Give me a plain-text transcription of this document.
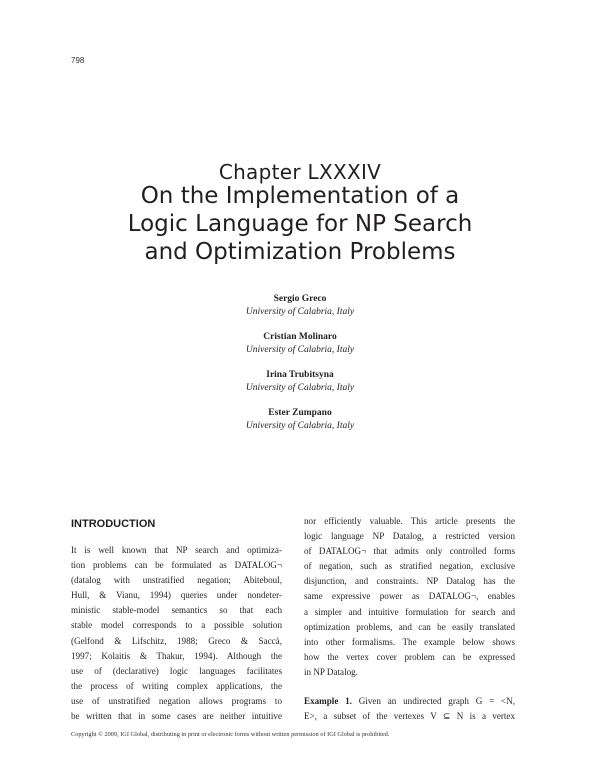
798
Chapter LXXXIV
On the Implementation of a
Logic Language for NP Search
and Optimization Problems
Sergio Greco
University of Calabria, Italy
Cristian Molinaro
University of Calabria, Italy
Irina Trubitsyna
University of Calabria, Italy
Ester Zumpano
University of Calabria, Italy
INTRODUCTION
It is well known that NP search and optimiza-
tion problems can be formulated as DATALOG¬
(datalog with unstratified negation; Abiteboul,
Hull, & Vianu, 1994) queries under nondeter-
ministic stable-model semantics so that each
stable model corresponds to a possible solution
(Gelfond & Lifschitz, 1988; Greco & Saccà,
1997; Kolaitis & Thakur, 1994). Although the
use of (declarative) logic languages facilitates
the process of writing complex applications, the
use of unstratified negation allows programs to
be written that in some cases are neither intuitive
nor efficiently valuable. This article presents the
logic language NP Datalog, a restricted version
of DATALOG¬ that admits only controlled forms
of negation, such as stratified negation, exclusive
disjunction, and constraints. NP Datalog has the
same expressive power as DATALOG¬, enables
a simpler and intuitive formulation for search and
optimization problems, and can be easily translated
into other formalisms. The example below shows
how the vertex cover problem can be expressed
in NP Datalog.
Example 1. Given an undirected graph G = <N,
E>, a subset of the vertexes V ⊆ N is a vertex
Copyright © 2009, IGI Global, distributing in print or electronic forms without written permission of IGI Global is prohibited.
